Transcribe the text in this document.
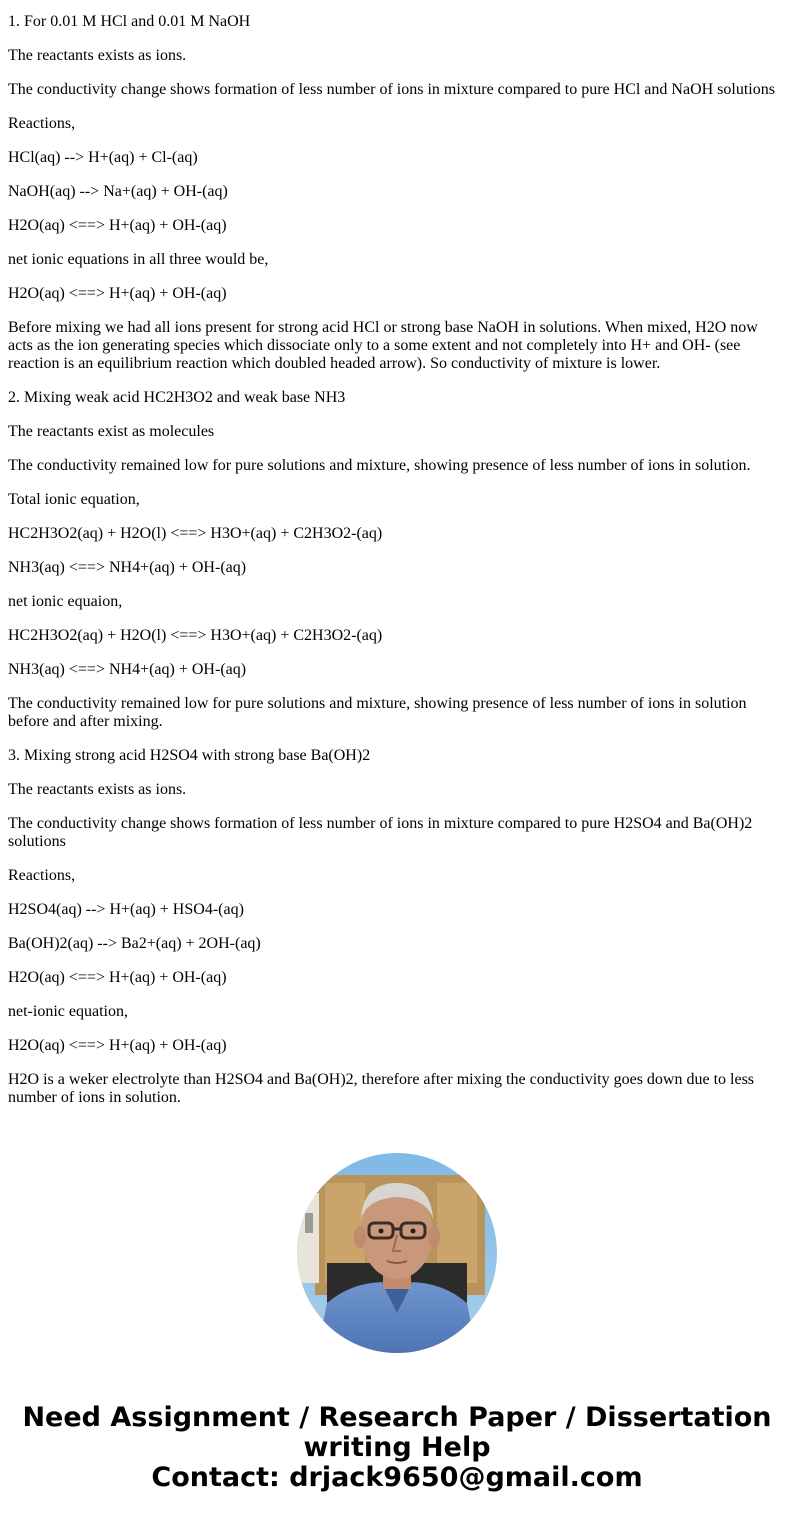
1. For 0.01 M HCl and 0.01 M NaOH

The reactants exists as ions.

The conductivity change shows formation of less number of ions in mixture compared to pure HCl and NaOH solutions

Reactions,

HCl(aq) --> H+(aq) + Cl-(aq)

NaOH(aq) --> Na+(aq) + OH-(aq)

H2O(aq) <==> H+(aq) + OH-(aq)

net ionic equations in all three would be,

H2O(aq) <==> H+(aq) + OH-(aq)

Before mixing we had all ions present for strong acid HCl or strong base NaOH in solutions. When mixed, H2O now acts as the ion generating species which dissociate only to a some extent and not completely into H+ and OH- (see reaction is an equilibrium reaction which doubled headed arrow). So conductivity of mixture is lower.

2. Mixing weak acid HC2H3O2 and weak base NH3

The reactants exist as molecules

The conductivity remained low for pure solutions and mixture, showing presence of less number of ions in solution.

Total ionic equation,

HC2H3O2(aq) + H2O(l) <==> H3O+(aq) + C2H3O2-(aq)

NH3(aq) <==> NH4+(aq) + OH-(aq)

net ionic equaion,

HC2H3O2(aq) + H2O(l) <==> H3O+(aq) + C2H3O2-(aq)

NH3(aq) <==> NH4+(aq) + OH-(aq)

The conductivity remained low for pure solutions and mixture, showing presence of less number of ions in solution before and after mixing.

3. Mixing strong acid H2SO4 with strong base Ba(OH)2

The reactants exists as ions.

The conductivity change shows formation of less number of ions in mixture compared to pure H2SO4 and Ba(OH)2 solutions

Reactions,

H2SO4(aq) --> H+(aq) + HSO4-(aq)

Ba(OH)2(aq) --> Ba2+(aq) + 2OH-(aq)

H2O(aq) <==> H+(aq) + OH-(aq)

net-ionic equation,

H2O(aq) <==> H+(aq) + OH-(aq)

H2O is a weker electrolyte than H2SO4 and Ba(OH)2, therefore after mixing the conductivity goes down due to less number of ions in solution.

Need Assignment / Research Paper / Dissertation
writing Help
Contact: drjack9650@gmail.com
